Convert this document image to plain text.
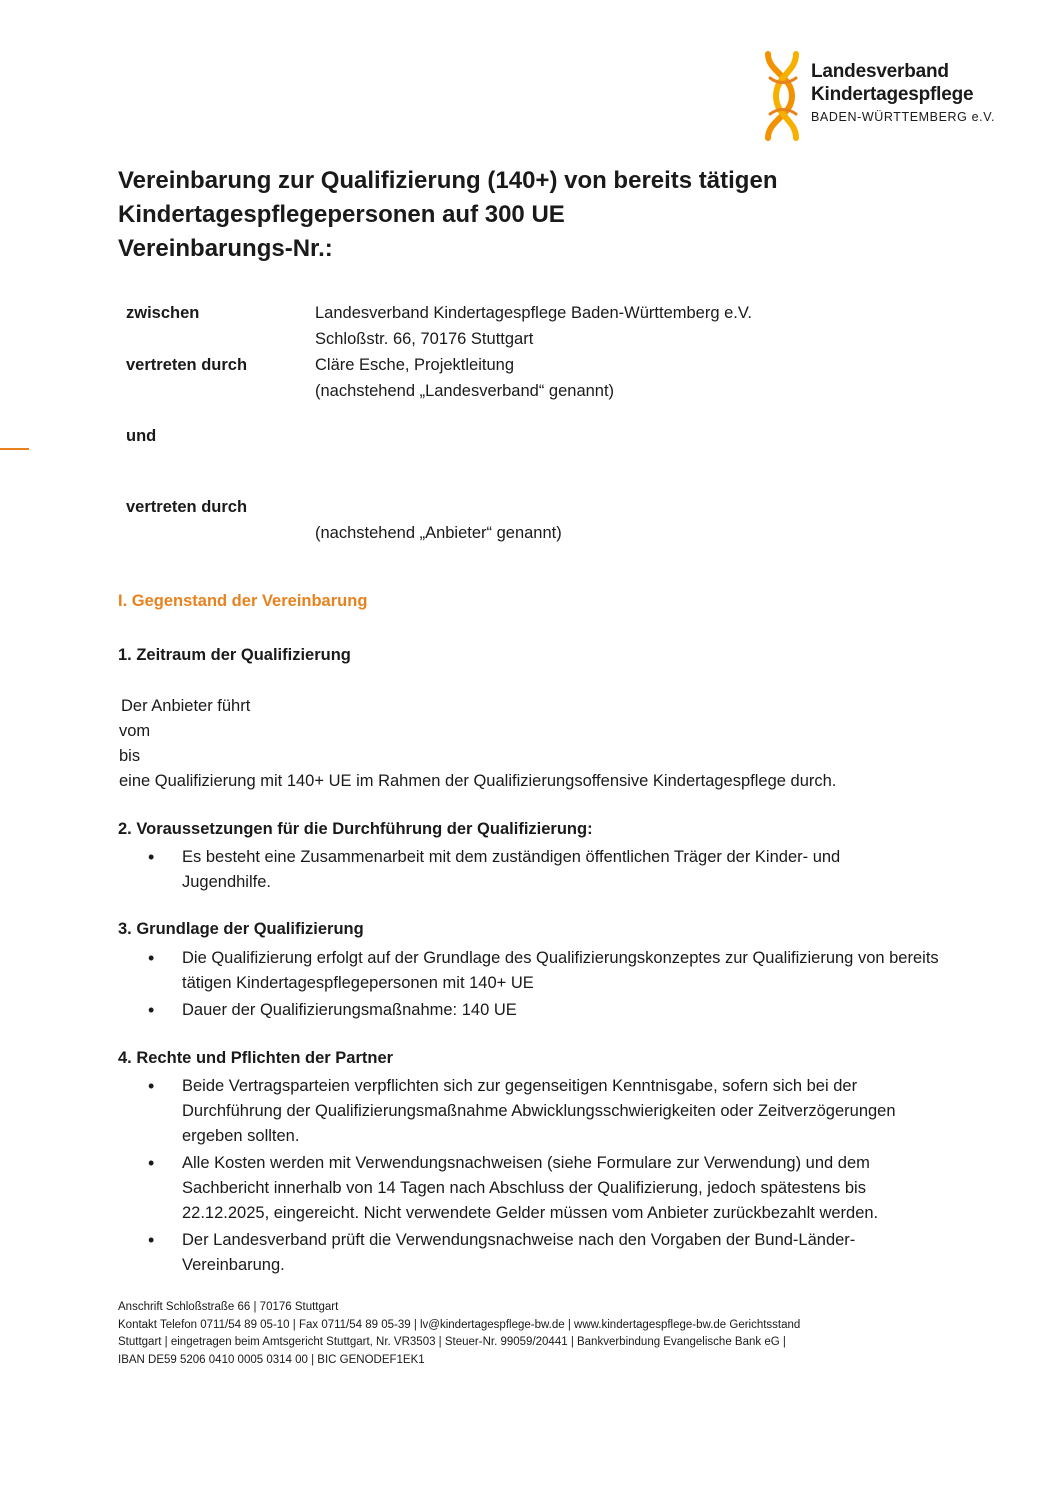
Landesverband
Kindertagespflege
BADEN-WÜRTTEMBERG e.V.
Vereinbarung zur Qualifizierung (140+) von bereits tätigen
Kindertagespflegepersonen auf 300 UE
Vereinbarungs-Nr.:
zwischen	Landesverband Kindertagespflege Baden-Württemberg e.V.
Schloßstr. 66, 70176 Stuttgart
vertreten durch	Cläre Esche, Projektleitung
(nachstehend „Landesverband“ genannt)
und
vertreten durch
(nachstehend „Anbieter“ genannt)
I. Gegenstand der Vereinbarung
1. Zeitraum der Qualifizierung
Der Anbieter führt
vom
bis
eine Qualifizierung mit 140+ UE im Rahmen der Qualifizierungsoffensive Kindertagespflege durch.
2. Voraussetzungen für die Durchführung der Qualifizierung:
• Es besteht eine Zusammenarbeit mit dem zuständigen öffentlichen Träger der Kinder- und Jugendhilfe.
3. Grundlage der Qualifizierung
• Die Qualifizierung erfolgt auf der Grundlage des Qualifizierungskonzeptes zur Qualifizierung von bereits tätigen Kindertagespflegepersonen mit 140+ UE
• Dauer der Qualifizierungsmaßnahme: 140 UE
4. Rechte und Pflichten der Partner
• Beide Vertragsparteien verpflichten sich zur gegenseitigen Kenntnisgabe, sofern sich bei der Durchführung der Qualifizierungsmaßnahme Abwicklungsschwierigkeiten oder Zeitverzögerungen ergeben sollten.
• Alle Kosten werden mit Verwendungsnachweisen (siehe Formulare zur Verwendung) und dem Sachbericht innerhalb von 14 Tagen nach Abschluss der Qualifizierung, jedoch spätestens bis 22.12.2025, eingereicht. Nicht verwendete Gelder müssen vom Anbieter zurückbezahlt werden.
• Der Landesverband prüft die Verwendungsnachweise nach den Vorgaben der Bund-Länder-Vereinbarung.
Anschrift Schloßstraße 66 | 70176 Stuttgart
Kontakt Telefon 0711/54 89 05-10 | Fax 0711/54 89 05-39 | lv@kindertagespflege-bw.de | www.kindertagespflege-bw.de Gerichtsstand
Stuttgart | eingetragen beim Amtsgericht Stuttgart, Nr. VR3503 | Steuer-Nr. 99059/20441 | Bankverbindung Evangelische Bank eG |
IBAN DE59 5206 0410 0005 0314 00 | BIC GENODEF1EK1
